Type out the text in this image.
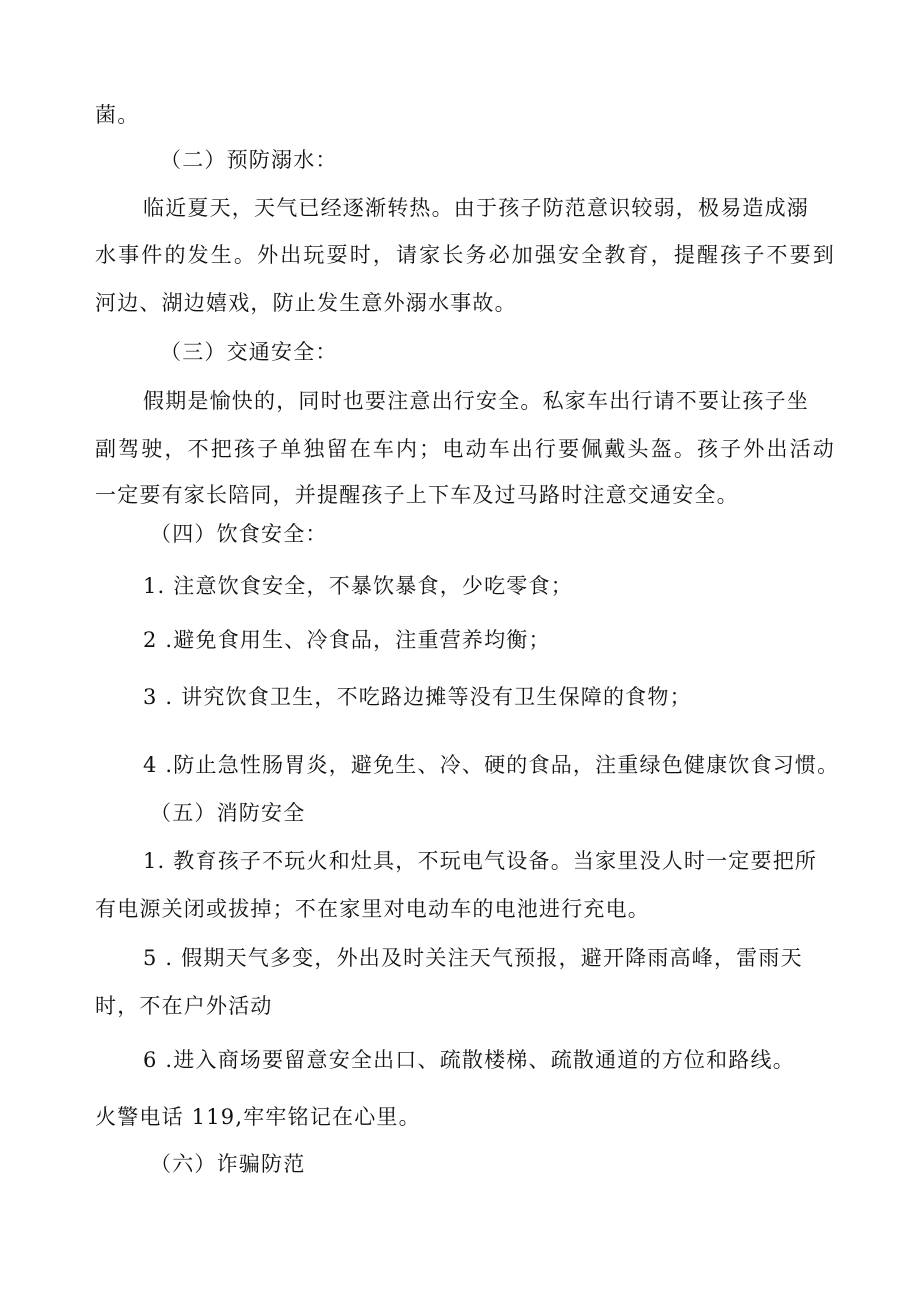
菌。
（二）预防溺水：
临近夏天，天气已经逐渐转热。由于孩子防范意识较弱，极易造成溺
水事件的发生。外出玩耍时，请家长务必加强安全教育，提醒孩子不要到
河边、湖边嬉戏，防止发生意外溺水事故。
（三）交通安全：
假期是愉快的，同时也要注意出行安全。私家车出行请不要让孩子坐
副驾驶，不把孩子单独留在车内；电动车出行要佩戴头盔。孩子外出活动
一定要有家长陪同，并提醒孩子上下车及过马路时注意交通安全。
（四）饮食安全：
1. 注意饮食安全，不暴饮暴食，少吃零食；
2 .避免食用生、冷食品，注重营养均衡；
3 . 讲究饮食卫生，不吃路边摊等没有卫生保障的食物；
4 .防止急性肠胃炎，避免生、冷、硬的食品，注重绿色健康饮食习惯。
（五）消防安全
1. 教育孩子不玩火和灶具，不玩电气设备。当家里没人时一定要把所
有电源关闭或拔掉；不在家里对电动车的电池进行充电。
5 . 假期天气多变，外出及时关注天气预报，避开降雨高峰，雷雨天
时，不在户外活动
6 .进入商场要留意安全出口、疏散楼梯、疏散通道的方位和路线。
火警电话 119,牢牢铭记在心里。
（六）诈骗防范
